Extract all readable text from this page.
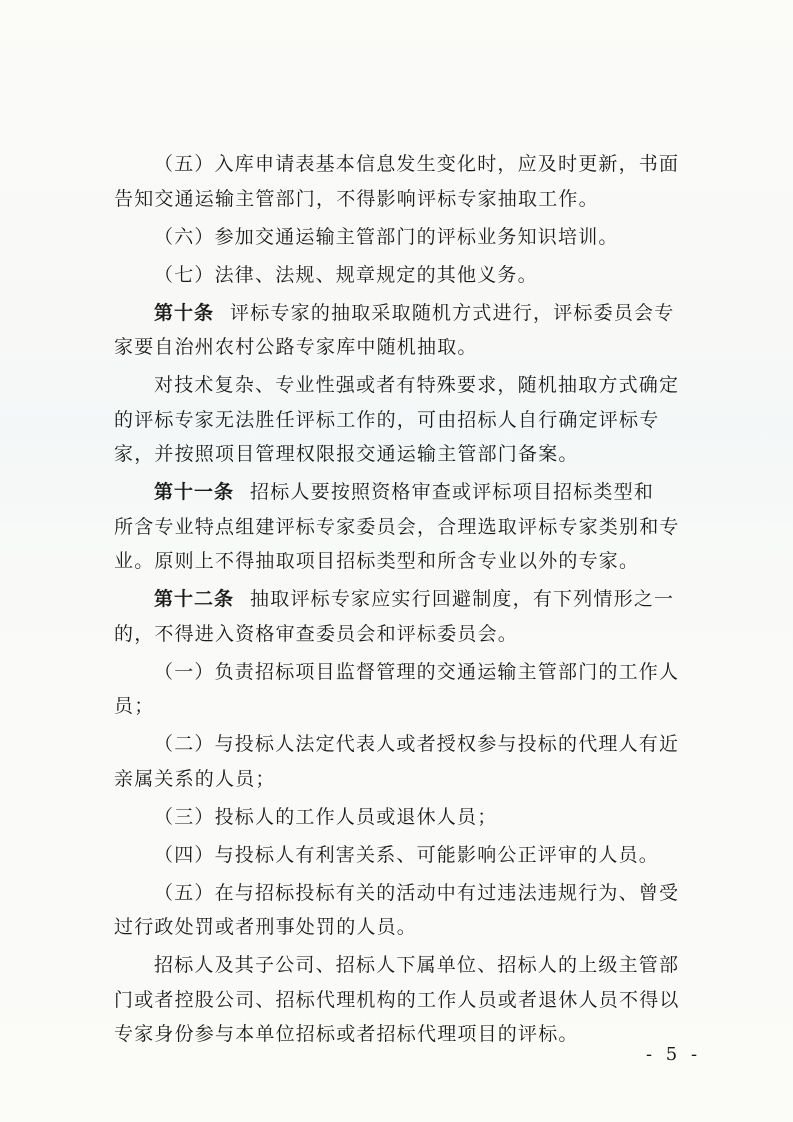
（五）入库申请表基本信息发生变化时，应及时更新，书面
告知交通运输主管部门，不得影响评标专家抽取工作。
（六）参加交通运输主管部门的评标业务知识培训。
（七）法律、法规、规章规定的其他义务。
第十条 评标专家的抽取采取随机方式进行，评标委员会专
家要自治州农村公路专家库中随机抽取。
对技术复杂、专业性强或者有特殊要求，随机抽取方式确定
的评标专家无法胜任评标工作的，可由招标人自行确定评标专
家，并按照项目管理权限报交通运输主管部门备案。
第十一条 招标人要按照资格审查或评标项目招标类型和
所含专业特点组建评标专家委员会，合理选取评标专家类别和专
业。原则上不得抽取项目招标类型和所含专业以外的专家。
第十二条 抽取评标专家应实行回避制度，有下列情形之一
的，不得进入资格审查委员会和评标委员会。
（一）负责招标项目监督管理的交通运输主管部门的工作人
员；
（二）与投标人法定代表人或者授权参与投标的代理人有近
亲属关系的人员；
（三）投标人的工作人员或退休人员；
（四）与投标人有利害关系、可能影响公正评审的人员。
（五）在与招标投标有关的活动中有过违法违规行为、曾受
过行政处罚或者刑事处罚的人员。
招标人及其子公司、招标人下属单位、招标人的上级主管部
门或者控股公司、招标代理机构的工作人员或者退休人员不得以
专家身份参与本单位招标或者招标代理项目的评标。
- 5 -
